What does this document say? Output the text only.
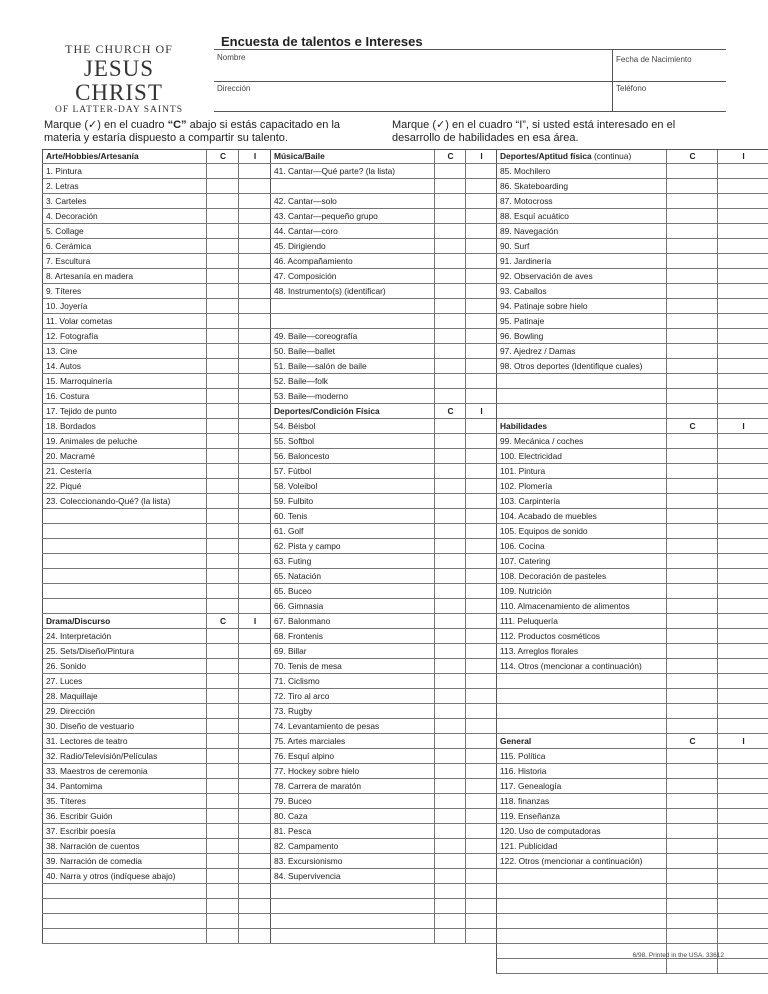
THE CHURCH OF
JESUS CHRIST
OF LATTER-DAY SAINTS
Encuesta de talentos e Intereses
Nombre	Fecha de Nacimiento
Dirección	Teléfono
Marque (✓) en el cuadro “C” abajo si estás capacitado en la materia y estaría dispuesto a compartir su talento.
Marque (✓) en el cuadro “I”, si usted está interesado en el desarrollo de habilidades en esa área.
Arte/Hobbies/Artesanía	C	I
1. Pintura
2. Letras
3. Carteles
4. Decoración
5. Collage
6. Cerámica
7. Escultura
8. Artesanía en madera
9. Títeres
10. Joyería
11. Volar cometas
12. Fotografía
13. Cine
14. Autos
15. Marroquinería
16. Costura
17. Tejido de punto
18. Bordados
19. Animales de peluche
20. Macramé
21. Cestería
22. Piqué
23. Coleccionando-Qué? (la lista)
Drama/Discurso	C	I
24. Interpretación
25. Sets/Diseño/Pintura
26. Sonido
27. Luces
28. Maquillaje
29. Dirección
30. Diseño de vestuario
31. Lectores de teatro
32. Radio/Televisión/Películas
33. Maestros de ceremonia
34. Pantomima
35. Títeres
36. Escribir Guión
37. Escribir poesía
38. Narración de cuentos
39. Narración de comedia
40. Narra y otros (indíquese abajo)
Música/Baile	C	I
41. Cantar—Qué parte? (la lista)
42. Cantar—solo
43. Cantar—pequeño grupo
44. Cantar—coro
45. Dirigiendo
46. Acompañamiento
47. Composición
48. Instrumento(s) (identificar)
49. Baile—coreografía
50. Baile—ballet
51. Baile—salón de baile
52. Baile—folk
53. Baile—moderno
Deportes/Condición Física	C	I
54. Béisbol
55. Softbol
56. Baloncesto
57. Fútbol
58. Voleibol
59. Fulbito
60. Tenis
61. Golf
62. Pista y campo
63. Futing
65. Natación
65. Buceo
66. Gimnasia
67. Balonmano
68. Frontenis
69. Billar
70. Tenis de mesa
71. Ciclismo
72. Tiro al arco
73. Rugby
74. Levantamiento de pesas
75. Artes marciales
76. Esquí alpino
77. Hockey sobre hielo
78. Carrera de maratón
79. Buceo
80. Caza
81. Pesca
82. Campamento
83. Excursionismo
84. Supervivencia
Deportes/Aptitud física (continua)	C	I
85. Mochilero
86. Skateboarding
87. Motocross
88. Esquí acuático
89. Navegación
90. Surf
91. Jardinería
92. Observación de aves
93. Caballos
94. Patinaje sobre hielo
95. Patinaje
96. Bowling
97. Ajedrez / Damas
98. Otros deportes (Identifique cuales)
Habilidades	C	I
99. Mecánica / coches
100. Electricidad
101. Pintura
102. Plomería
103. Carpintería
104. Acabado de muebles
105. Equipos de sonido
106. Cocina
107. Catering
108. Decoración de pasteles
109. Nutrición
110. Almacenamiento de alimentos
111. Peluquería
112. Productos cosméticos
113. Arreglos florales
114. Otros (mencionar a continuación)
General	C	I
115. Política
116. Historia
117. Genealogía
118. finanzas
119. Enseñanza
120. Uso de computadoras
121. Publicidad
122. Otros (mencionar a continuación)
6/98. Printed in the USA. 33612
